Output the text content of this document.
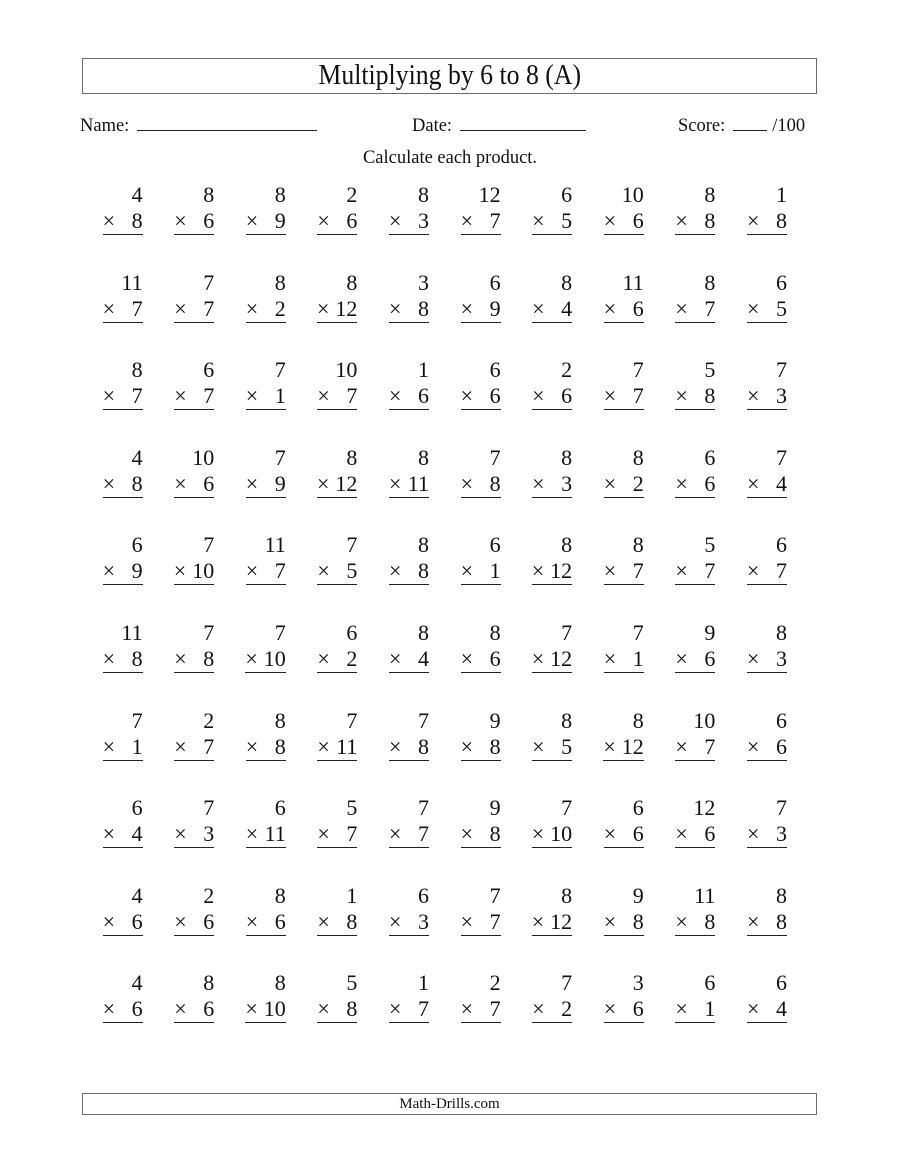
Multiplying by 6 to 8 (A)
Name:	Date:	Score:	/100
Calculate each product.
4
× 8
8
× 6
8
× 9
2
× 6
8
× 3
12
× 7
6
× 5
10
× 6
8
× 8
1
× 8
11
× 7
7
× 7
8
× 2
8
× 12
3
× 8
6
× 9
8
× 4
11
× 6
8
× 7
6
× 5
8
× 7
6
× 7
7
× 1
10
× 7
1
× 6
6
× 6
2
× 6
7
× 7
5
× 8
7
× 3
4
× 8
10
× 6
7
× 9
8
× 12
8
× 11
7
× 8
8
× 3
8
× 2
6
× 6
7
× 4
6
× 9
7
× 10
11
× 7
7
× 5
8
× 8
6
× 1
8
× 12
8
× 7
5
× 7
6
× 7
11
× 8
7
× 8
7
× 10
6
× 2
8
× 4
8
× 6
7
× 12
7
× 1
9
× 6
8
× 3
7
× 1
2
× 7
8
× 8
7
× 11
7
× 8
9
× 8
8
× 5
8
× 12
10
× 7
6
× 6
6
× 4
7
× 3
6
× 11
5
× 7
7
× 7
9
× 8
7
× 10
6
× 6
12
× 6
7
× 3
4
× 6
2
× 6
8
× 6
1
× 8
6
× 3
7
× 7
8
× 12
9
× 8
11
× 8
8
× 8
4
× 6
8
× 6
8
× 10
5
× 8
1
× 7
2
× 7
7
× 2
3
× 6
6
× 1
6
× 4
Math-Drills.com
